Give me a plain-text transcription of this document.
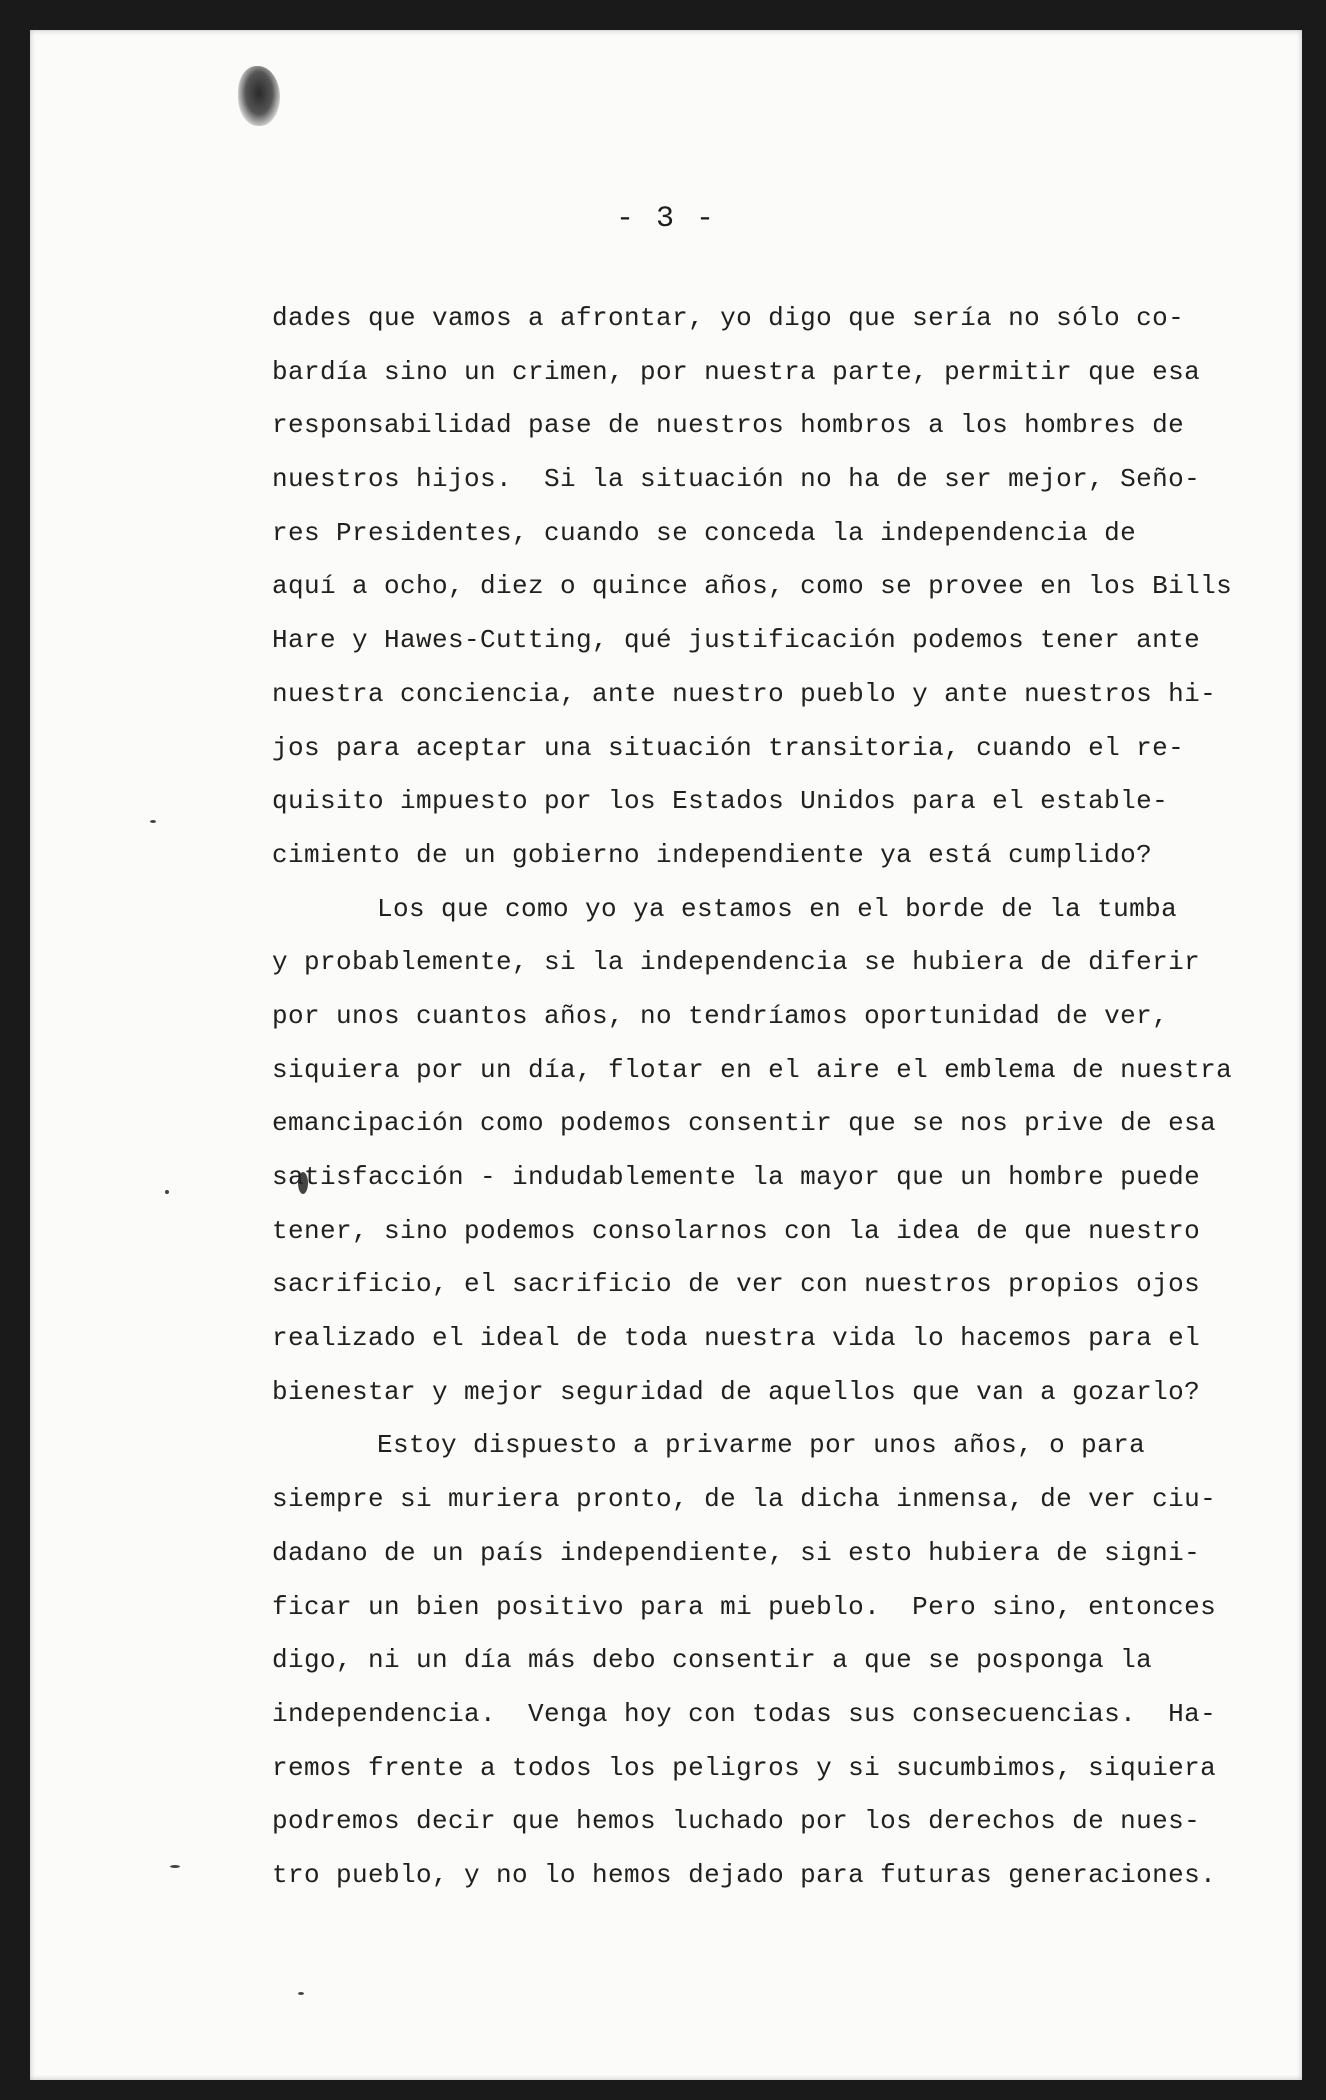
- 3 -
dades que vamos a afrontar, yo digo que sería no sólo co-
bardía sino un crimen, por nuestra parte, permitir que esa
responsabilidad pase de nuestros hombros a los hombres de
nuestros hijos.  Si la situación no ha de ser mejor, Seño-
res Presidentes, cuando se conceda la independencia de
aquí a ocho, diez o quince años, como se provee en los Bills
Hare y Hawes-Cutting, qué justificación podemos tener ante
nuestra conciencia, ante nuestro pueblo y ante nuestros hi-
jos para aceptar una situación transitoria, cuando el re-
quisito impuesto por los Estados Unidos para el estable-
cimiento de un gobierno independiente ya está cumplido?
Los que como yo ya estamos en el borde de la tumba
y probablemente, si la independencia se hubiera de diferir
por unos cuantos años, no tendríamos oportunidad de ver,
siquiera por un día, flotar en el aire el emblema de nuestra
emancipación como podemos consentir que se nos prive de esa
satisfacción - indudablemente la mayor que un hombre puede
tener, sino podemos consolarnos con la idea de que nuestro
sacrificio, el sacrificio de ver con nuestros propios ojos
realizado el ideal de toda nuestra vida lo hacemos para el
bienestar y mejor seguridad de aquellos que van a gozarlo?
Estoy dispuesto a privarme por unos años, o para
siempre si muriera pronto, de la dicha inmensa, de ver ciu-
dadano de un país independiente, si esto hubiera de signi-
ficar un bien positivo para mi pueblo.  Pero sino, entonces
digo, ni un día más debo consentir a que se posponga la
independencia.  Venga hoy con todas sus consecuencias.  Ha-
remos frente a todos los peligros y si sucumbimos, siquiera
podremos decir que hemos luchado por los derechos de nues-
tro pueblo, y no lo hemos dejado para futuras generaciones.
